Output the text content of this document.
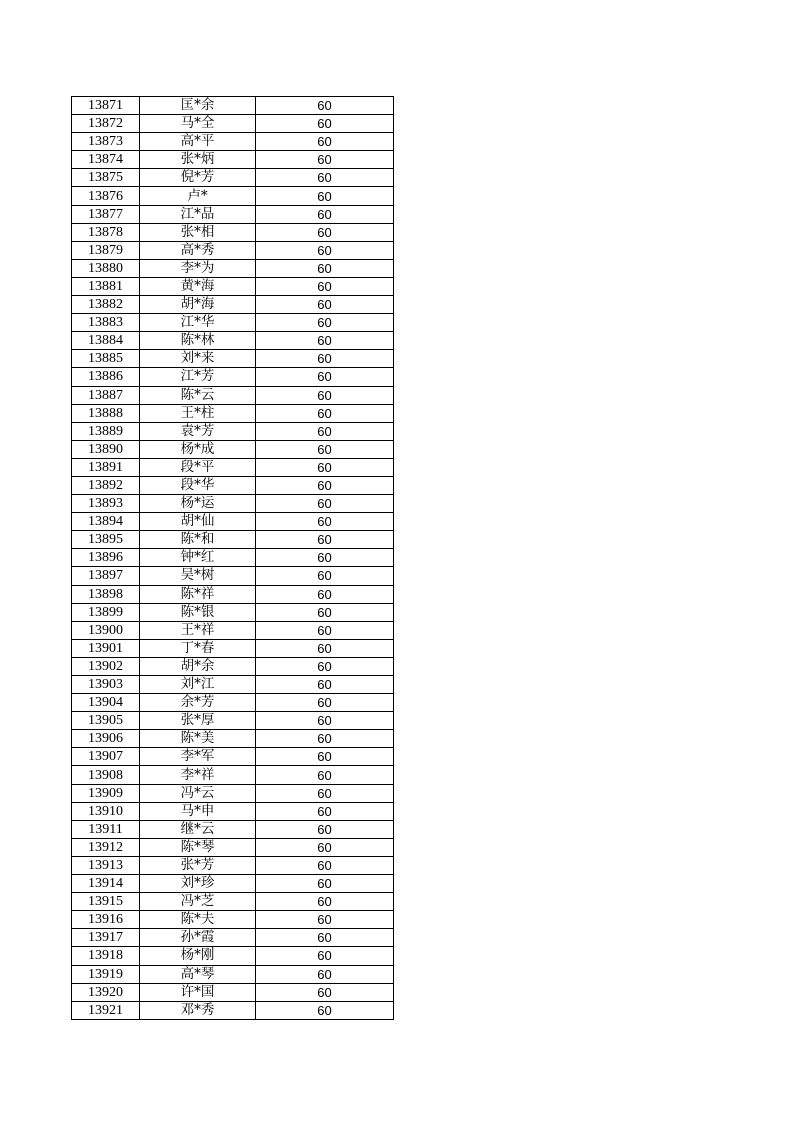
13871	匡*余	60
13872	马*全	60
13873	高*平	60
13874	张*炳	60
13875	倪*芳	60
13876	卢*	60
13877	江*品	60
13878	张*相	60
13879	高*秀	60
13880	李*为	60
13881	黄*海	60
13882	胡*海	60
13883	江*华	60
13884	陈*林	60
13885	刘*来	60
13886	江*芳	60
13887	陈*云	60
13888	王*柱	60
13889	袁*芳	60
13890	杨*成	60
13891	段*平	60
13892	段*华	60
13893	杨*运	60
13894	胡*仙	60
13895	陈*和	60
13896	钟*红	60
13897	吴*树	60
13898	陈*祥	60
13899	陈*银	60
13900	王*祥	60
13901	丁*春	60
13902	胡*余	60
13903	刘*江	60
13904	余*芳	60
13905	张*厚	60
13906	陈*美	60
13907	李*军	60
13908	李*祥	60
13909	冯*云	60
13910	马*申	60
13911	继*云	60
13912	陈*琴	60
13913	张*芳	60
13914	刘*珍	60
13915	冯*芝	60
13916	陈*夫	60
13917	孙*霞	60
13918	杨*刚	60
13919	高*琴	60
13920	许*国	60
13921	邓*秀	60
